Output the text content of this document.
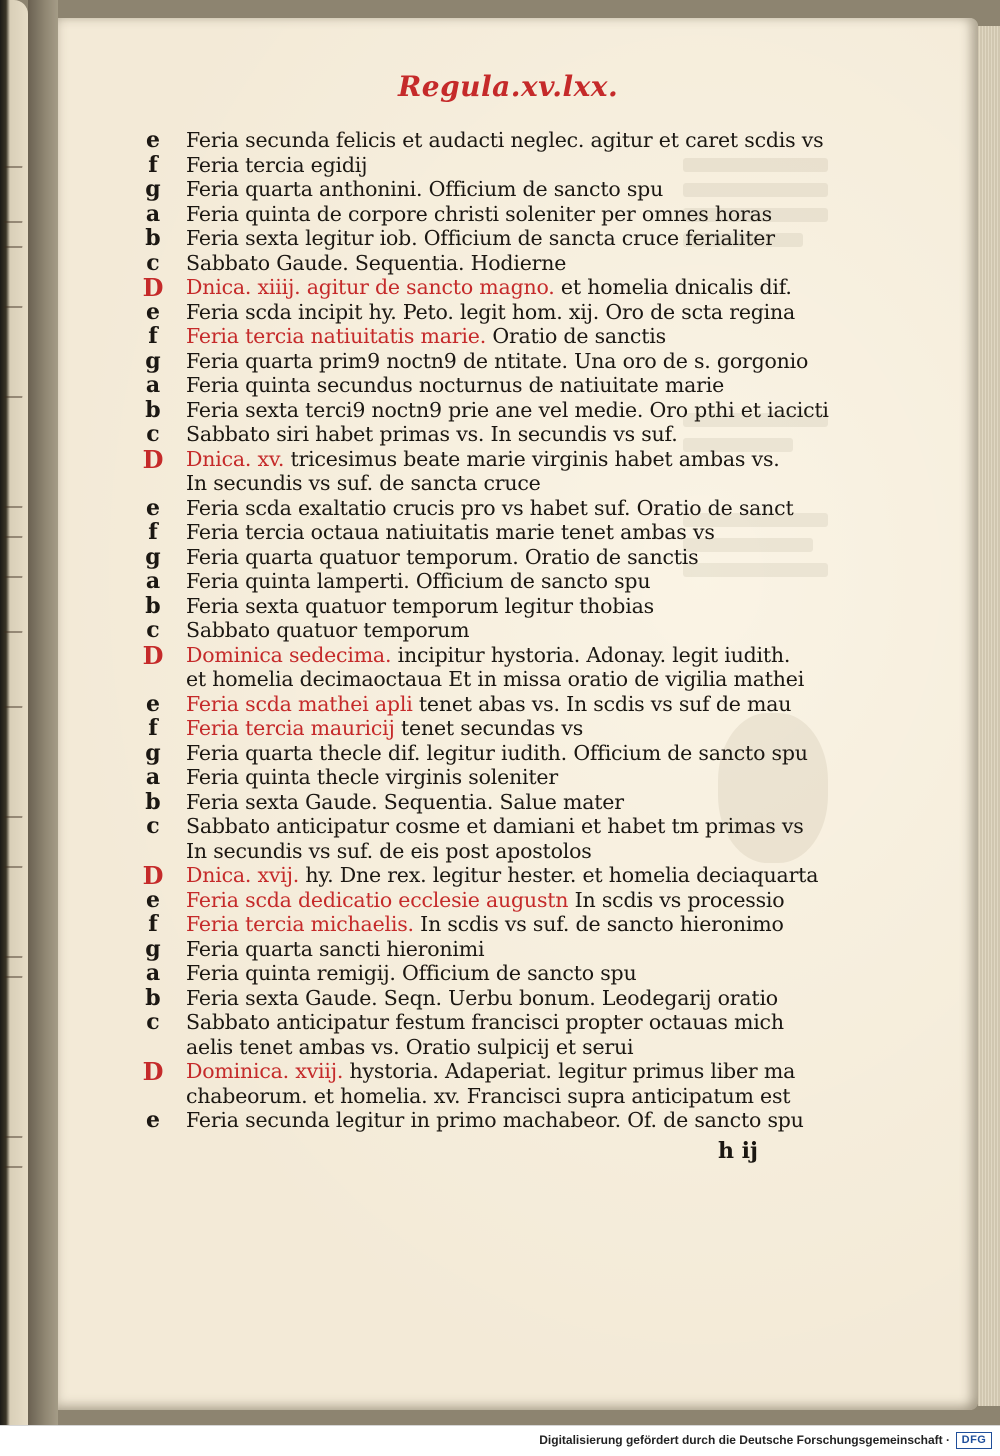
Regula.xv.lxx.
e	Feria secunda felicis et audacti neglec. agitur et caret scdis vs
f	Feria tercia egidij
g	Feria quarta anthonini. Officium de sancto spu
a	Feria quinta de corpore christi soleniter per omnes horas
b	Feria sexta legitur iob. Officium de sancta cruce ferialiter
c	Sabbato Gaude. Sequentia. Hodierne
D Dnica. xiiij. agitur de sancto magno. et homelia dnicalis dif.
e	Feria scda incipit hy. Peto. legit hom. xij. Oro de scta regina
f	Feria tercia natiuitatis marie. Oratio de sanctis
g	Feria quarta prim9 noctn9 de ntitate. Una oro de s. gorgonio
a	Feria quinta secundus nocturnus de natiuitate marie
b	Feria sexta terci9 noctn9 prie ane vel medie. Oro pthi et iacicti
c	Sabbato siri habet primas vs. In secundis vs suf.
D Dnica. xv. tricesimus beate marie virginis habet ambas vs.
In secundis vs suf. de sancta cruce
e	Feria scda exaltatio crucis pro vs habet suf. Oratio de sanct
f	Feria tercia octaua natiuitatis marie tenet ambas vs
g	Feria quarta quatuor temporum. Oratio de sanctis
a	Feria quinta lamperti. Officium de sancto spu
b	Feria sexta quatuor temporum legitur thobias
c	Sabbato quatuor temporum
D Dominica sedecima. incipitur hystoria. Adonay. legit iudith.
et homelia decimaoctaua Et in missa oratio de vigilia mathei
e	Feria scda mathei apli tenet abas vs. In scdis vs suf de mau
f	Feria tercia mauricij tenet secundas vs
g	Feria quarta thecle dif. legitur iudith. Officium de sancto spu
a	Feria quinta thecle virginis soleniter
b	Feria sexta Gaude. Sequentia. Salue mater
c	Sabbato anticipatur cosme et damiani et habet tm primas vs
In secundis vs suf. de eis post apostolos
D Dnica. xvij. hy. Dne rex. legitur hester. et homelia deciaquarta
e	Feria scda dedicatio ecclesie augustn In scdis vs processio
f	Feria tercia michaelis. In scdis vs suf. de sancto hieronimo
g	Feria quarta sancti hieronimi
a	Feria quinta remigij. Officium de sancto spu
b	Feria sexta Gaude. Seqn. Uerbu bonum. Leodegarij oratio
c	Sabbato anticipatur festum francisci propter octauas mich
aelis tenet ambas vs. Oratio sulpicij et serui
D Dominica. xviij. hystoria. Adaperiat. legitur primus liber ma
chabeorum. et homelia. xv. Francisci supra anticipatum est
e	Feria secunda legitur in primo machabeor. Of. de sancto spu
h ij
Digitalisierung gefördert durch die Deutsche Forschungsgemeinschaft ·	DFG
